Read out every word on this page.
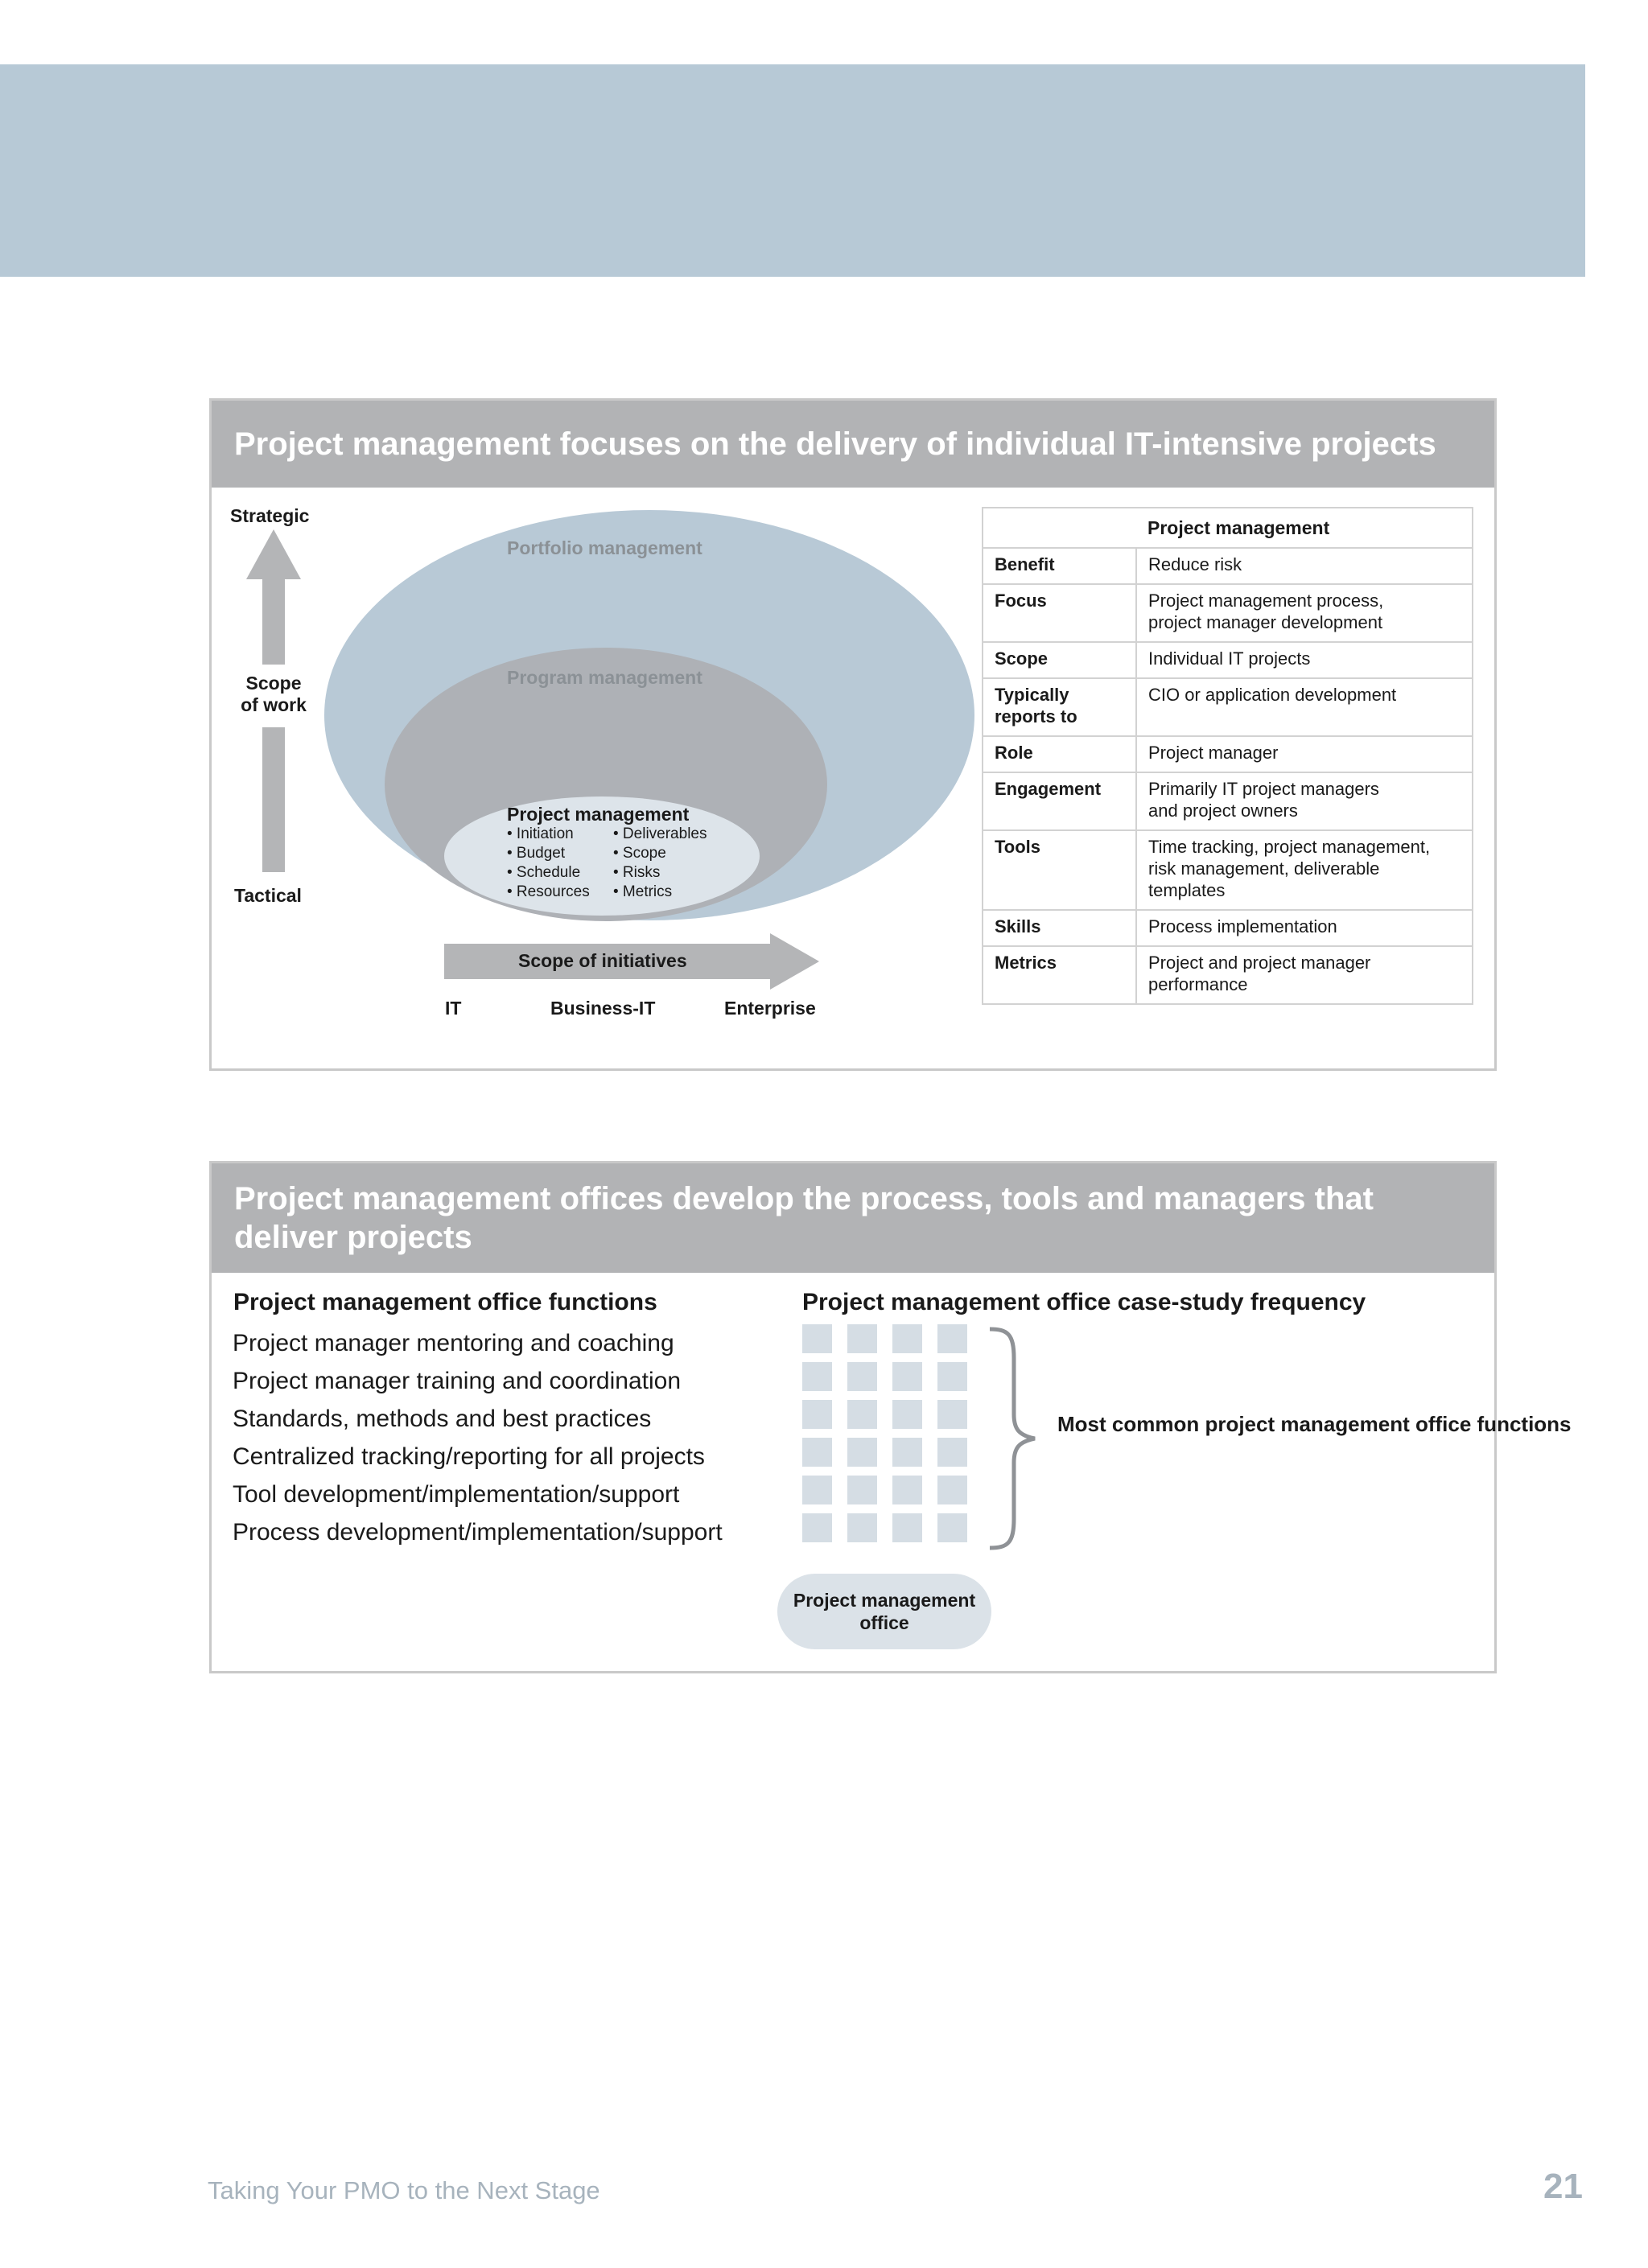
Project management focuses on the delivery of individual IT-intensive projects
Strategic
Scope
of work
Tactical
Portfolio management
Program management
Project management
• Initiation
• Budget
• Schedule
• Resources
• Deliverables
• Scope
• Risks
• Metrics
Scope of initiatives
IT	Business-IT	Enterprise
	Project management
Benefit	Reduce risk
Focus	Project management process, project manager development
Scope	Individual IT projects
Typically reports to	CIO or application development
Role	Project manager
Engagement	Primarily IT project managers and project owners
Tools	Time tracking, project management, risk management, deliverable templates
Skills	Process implementation
Metrics	Project and project manager performance
Project management offices develop the process, tools and managers that deliver projects
Project management office functions
Project manager mentoring and coaching
Project manager training and coordination
Standards, methods and best practices
Centralized tracking/reporting for all projects
Tool development/implementation/support
Process development/implementation/support
Project management office case-study frequency
Most common project management office functions
Project management office
Taking Your PMO to the Next Stage	21
